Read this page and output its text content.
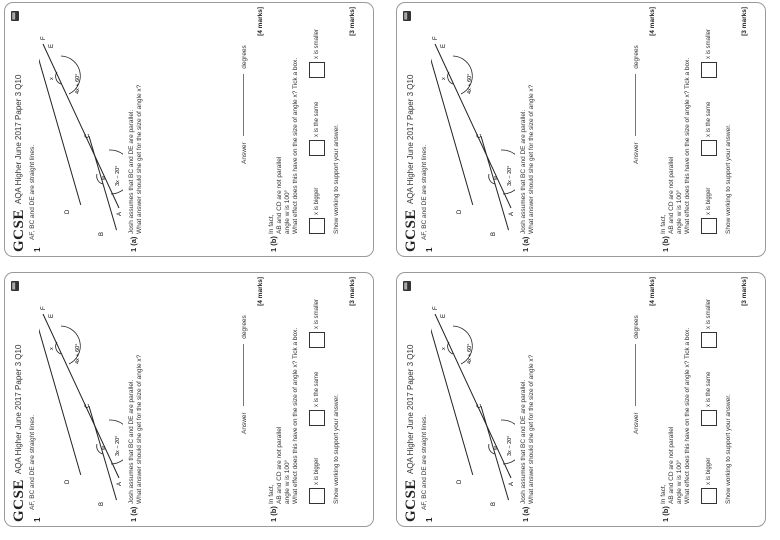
GCSE
AQA Higher June 2017 Paper 3 Q10
1
AF, BC and DE are straight lines.	A
B
C
D
E
F
w 3x − 20°
4x + 60°
x
1 (a)
Josh assumes that BC and DE are parallel. What answer should she get for the size of angle x?	Answer  degrees
[4 marks]
1 (b)
In fact, AB and CD are not parallel angle w is 100° What effect does this have on the size of angle x? Tick a box.	x is bigger
x is the same
x is smaller
Show working to support your answer.
[3 marks]
GCSE
AQA Higher June 2017 Paper 3 Q10
1
AF, BC and DE are straight lines.	A
B
C
D
E
F
w 3x − 20°
4x + 60°
x
1 (a)
Josh assumes that BC and DE are parallel. What answer should she get for the size of angle x?	Answer  degrees
[4 marks]
1 (b)
In fact, AB and CD are not parallel angle w is 100° What effect does this have on the size of angle x? Tick a box.	x is bigger
x is the same
x is smaller
Show working to support your answer.
[3 marks]
GCSE
AQA Higher June 2017 Paper 3 Q10
1
AF, BC and DE are straight lines.	A
B
C
D
E
F
w 3x − 20°
4x + 60°
x
1 (a)
Josh assumes that BC and DE are parallel. What answer should she get for the size of angle x?	Answer  degrees
[4 marks]
1 (b)
In fact, AB and CD are not parallel angle w is 100° What effect does this have on the size of angle x? Tick a box.	x is bigger
x is the same
x is smaller
Show working to support your answer.
[3 marks]
GCSE
AQA Higher June 2017 Paper 3 Q10
1
AF, BC and DE are straight lines.	A
B
C
D
E
F
w 3x − 20°
4x + 60°
x
1 (a)
Josh assumes that BC and DE are parallel. What answer should she get for the size of angle x?	Answer  degrees
[4 marks]
1 (b)
In fact, AB and CD are not parallel angle w is 100° What effect does this have on the size of angle x? Tick a box.	x is bigger
x is the same
x is smaller
Show working to support your answer.
[3 marks]
